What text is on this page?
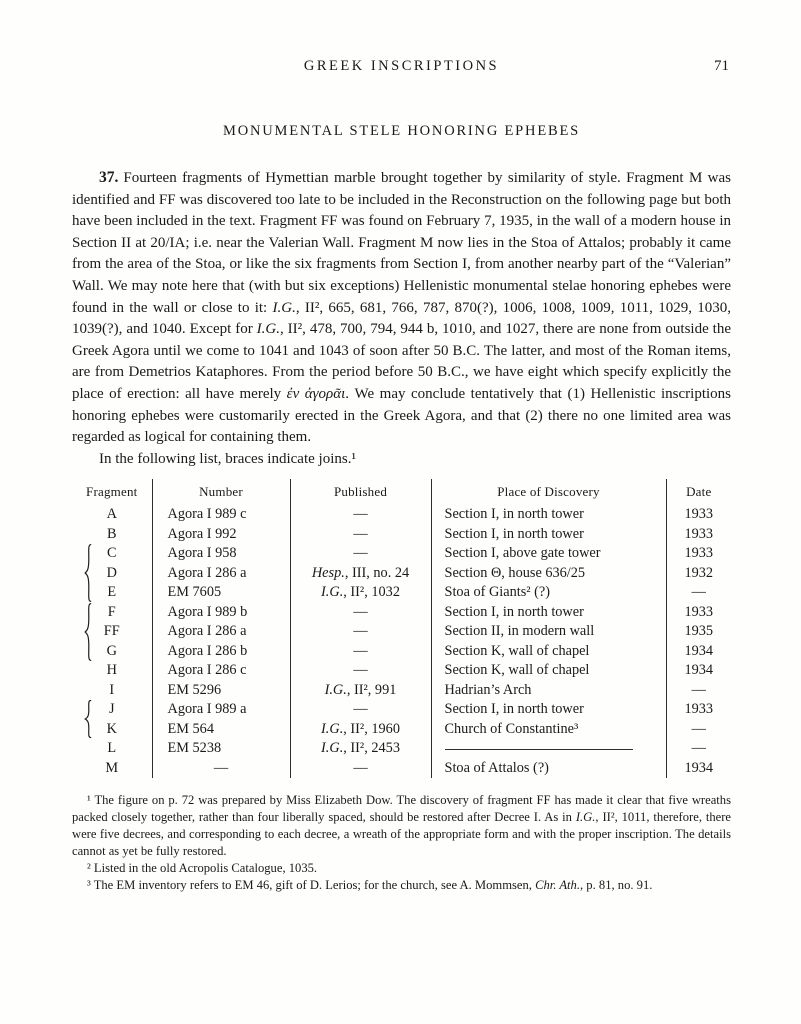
GREEK INSCRIPTIONS	71
MONUMENTAL STELE HONORING EPHEBES

37. Fourteen fragments of Hymettian marble brought together by similarity of style. Fragment M was identified and FF was discovered too late to be included in the Reconstruction on the following page but both have been included in the text. Fragment FF was found on February 7, 1935, in the wall of a modern house in Section II at 20/IA; i.e. near the Valerian Wall. Fragment M now lies in the Stoa of Attalos; probably it came from the area of the Stoa, or like the six fragments from Section I, from another nearby part of the “Valerian” Wall. We may note here that (with but six exceptions) Hellenistic monumental stelae honoring ephebes were found in the wall or close to it: I.G., II², 665, 681, 766, 787, 870(?), 1006, 1008, 1009, 1011, 1029, 1030, 1039(?), and 1040. Except for I.G., II², 478, 700, 794, 944 b, 1010, and 1027, there are none from outside the Greek Agora until we come to 1041 and 1043 of soon after 50 B.C. The latter, and most of the Roman items, are from Demetrios Kataphores. From the period before 50 B.C., we have eight which specify explicitly the place of erection: all have merely ἐν ἀγορᾶι. We may conclude tentatively that (1) Hellenistic inscriptions honoring ephebes were customarily erected in the Greek Agora, and that (2) there no one limited area was regarded as logical for containing them.

In the following list, braces indicate joins.¹

Fragment	Number	Published	Place of Discovery	Date
A	Agora I 989 c	—	Section I, in north tower	1933
B	Agora I 992	—	Section I, in north tower	1933

C	Agora I 958	—	Section I, above gate tower	1933
D	Agora I 286 a	Hesp., III, no. 24	Section Θ, house 636/25	1932
E	EM 7605	I.G., II², 1032	Stoa of Giants² (?)	—

F	Agora I 989 b	—	Section I, in north tower	1933
FF	Agora I 286 a	—	Section II, in modern wall	1935
G	Agora I 286 b	—	Section K, wall of chapel	1934
H	Agora I 286 c	—	Section K, wall of chapel	1934
I	EM 5296	I.G., II², 991	Hadrian’s Arch	—

J	Agora I 989 a	—	Section I, in north tower	1933
K	EM 564	I.G., II², 1960	Church of Constantine³	—
L	EM 5238	I.G., II², 2453		—
M	—	—	Stoa of Attalos (?)	1934

¹ The figure on p. 72 was prepared by Miss Elizabeth Dow. The discovery of fragment FF has made it clear that five wreaths packed closely together, rather than four liberally spaced, should be restored after Decree I. As in I.G., II², 1011, therefore, there were five decrees, and corresponding to each decree, a wreath of the appropriate form and with the proper inscription. The details cannot as yet be fully restored.

² Listed in the old Acropolis Catalogue, 1035.

³ The EM inventory refers to EM 46, gift of D. Lerios; for the church, see A. Mommsen, Chr. Ath., p. 81, no. 91.
